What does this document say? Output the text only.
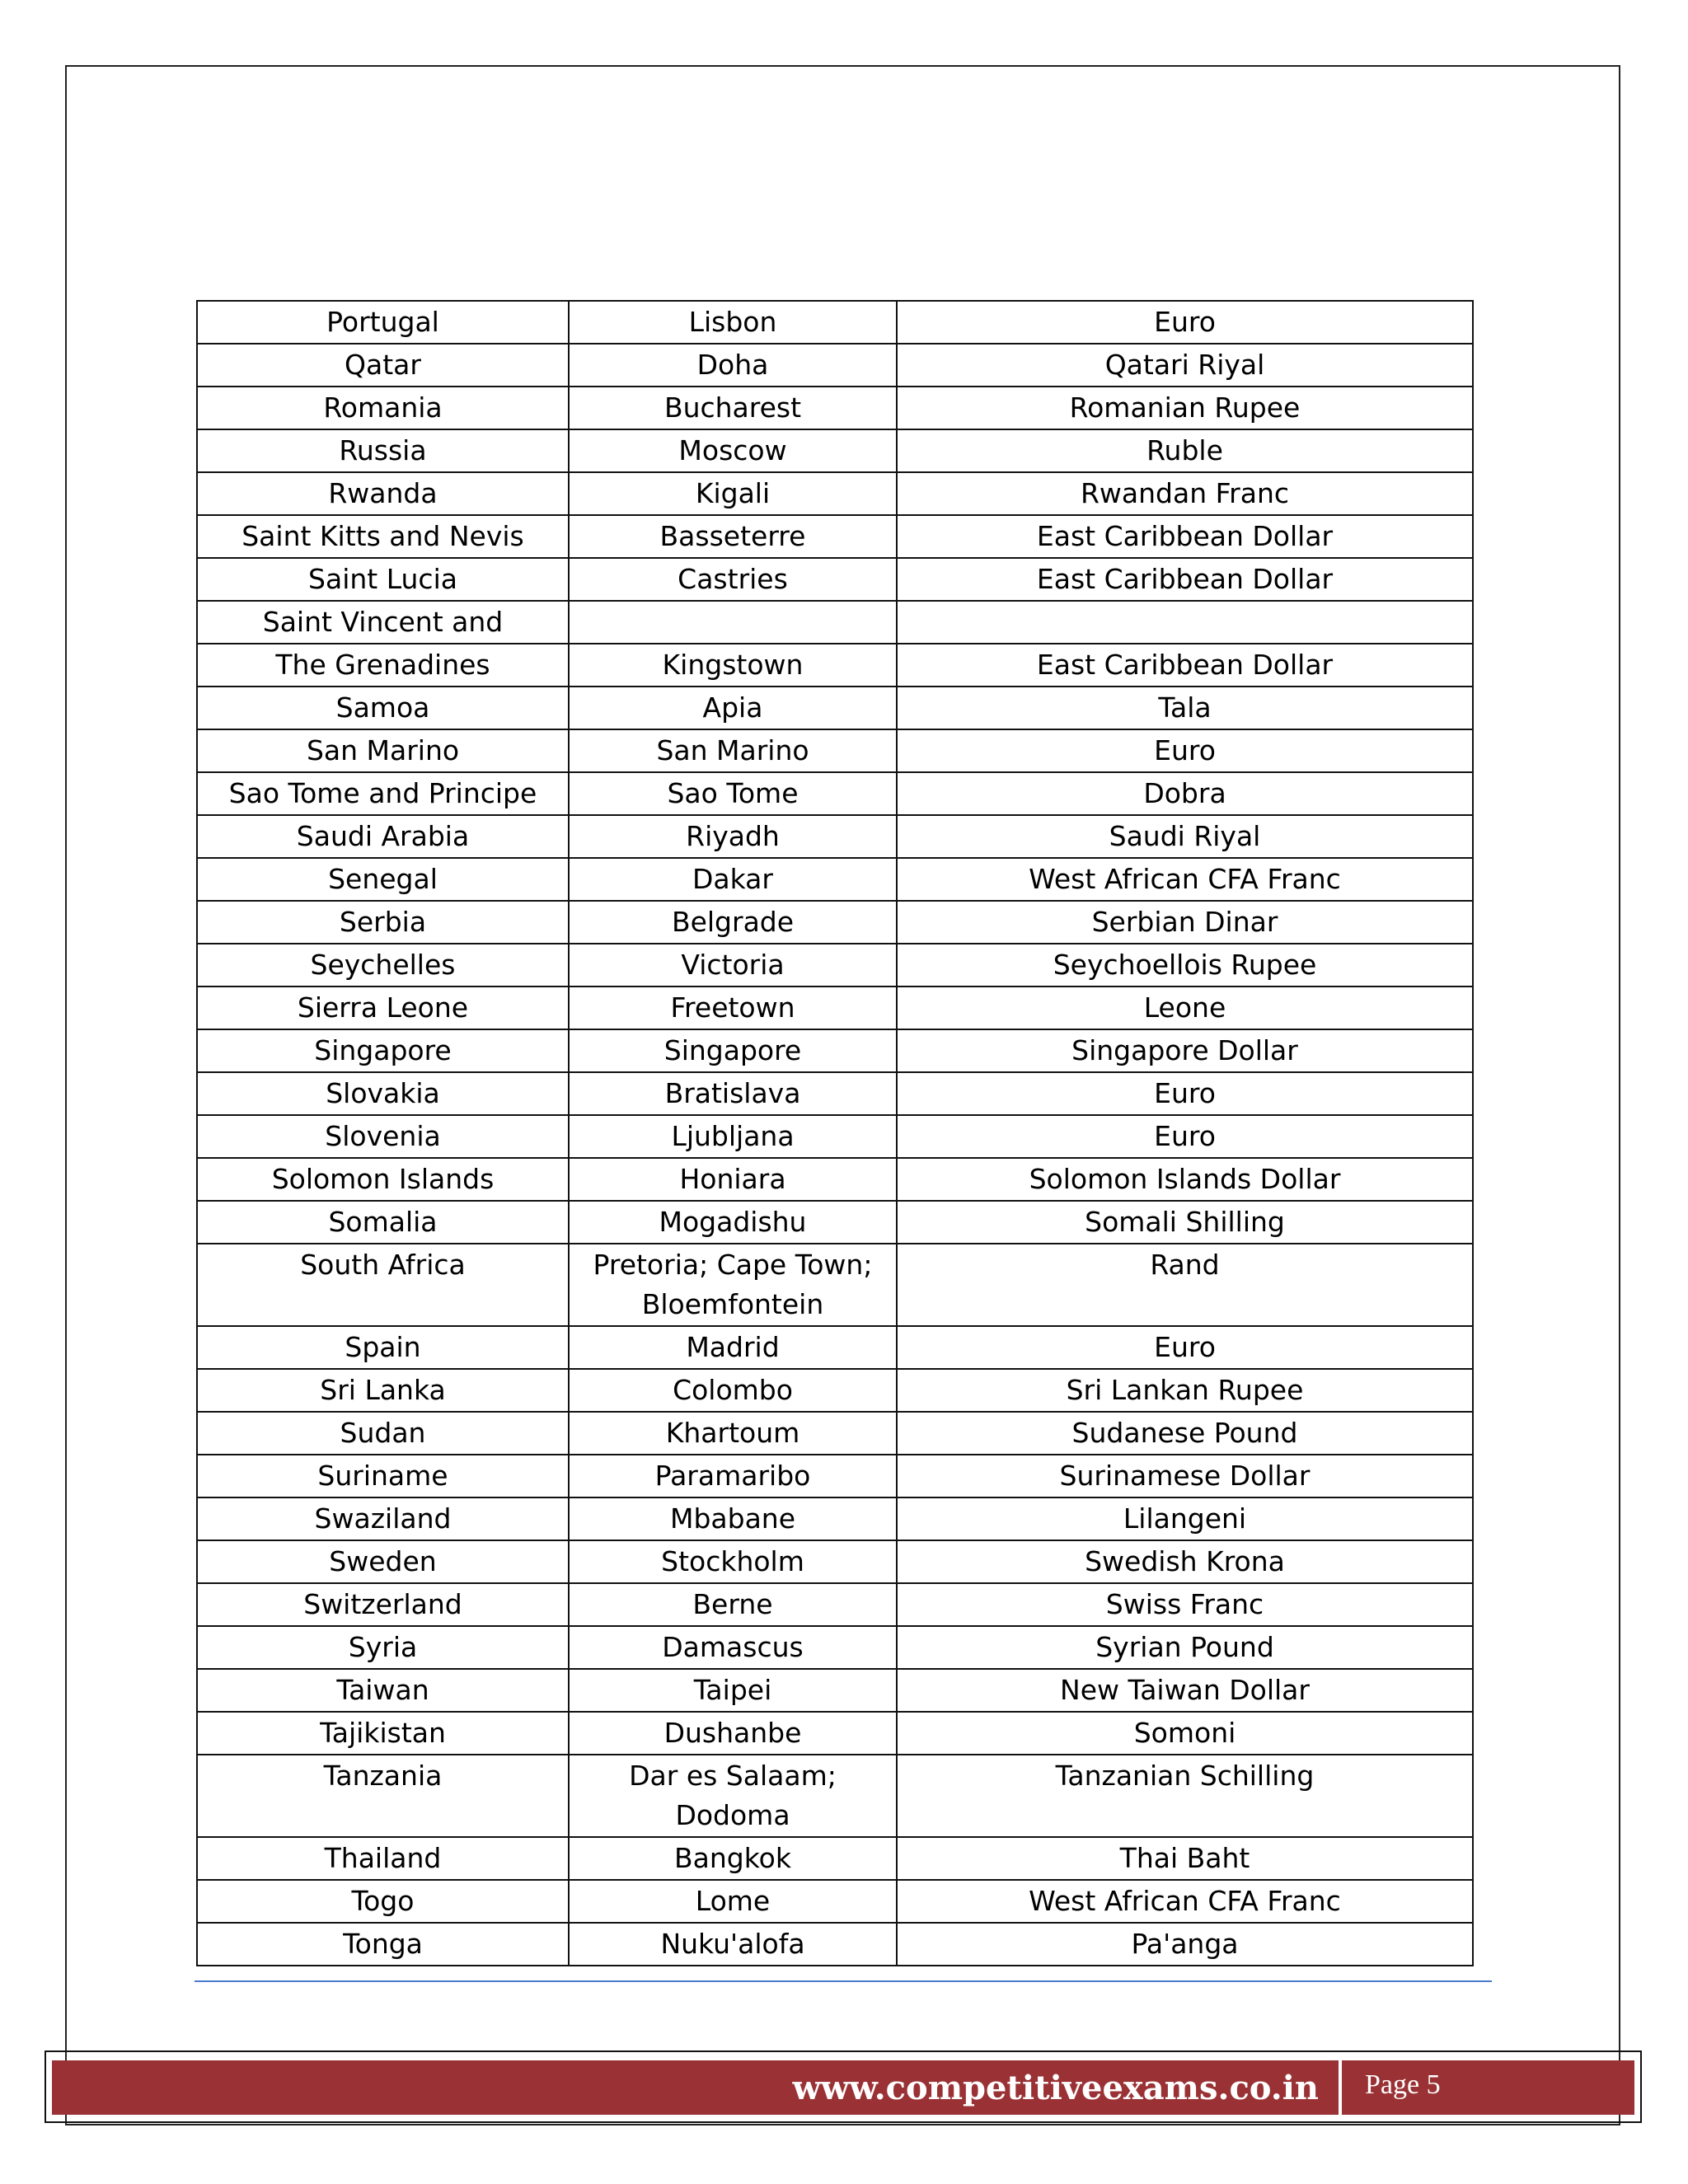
Portugal	Lisbon	Euro
Qatar	Doha	Qatari Riyal
Romania	Bucharest	Romanian Rupee
Russia	Moscow	Ruble
Rwanda	Kigali	Rwandan Franc
Saint Kitts and Nevis	Basseterre	East Caribbean Dollar
Saint Lucia	Castries	East Caribbean Dollar
Saint Vincent and		
The Grenadines	Kingstown	East Caribbean Dollar
Samoa	Apia	Tala
San Marino	San Marino	Euro
Sao Tome and Principe	Sao Tome	Dobra
Saudi Arabia	Riyadh	Saudi Riyal
Senegal	Dakar	West African CFA Franc
Serbia	Belgrade	Serbian Dinar
Seychelles	Victoria	Seychoellois Rupee
Sierra Leone	Freetown	Leone
Singapore	Singapore	Singapore Dollar
Slovakia	Bratislava	Euro
Slovenia	Ljubljana	Euro
Solomon Islands	Honiara	Solomon Islands Dollar
Somalia	Mogadishu	Somali Shilling
South Africa	Pretoria; Cape Town; Bloemfontein	Rand
Spain	Madrid	Euro
Sri Lanka	Colombo	Sri Lankan Rupee
Sudan	Khartoum	Sudanese Pound
Suriname	Paramaribo	Surinamese Dollar
Swaziland	Mbabane	Lilangeni
Sweden	Stockholm	Swedish Krona
Switzerland	Berne	Swiss Franc
Syria	Damascus	Syrian Pound
Taiwan	Taipei	New Taiwan Dollar
Tajikistan	Dushanbe	Somoni
Tanzania	Dar es Salaam; Dodoma	Tanzanian Schilling
Thailand	Bangkok	Thai Baht
Togo	Lome	West African CFA Franc
Tonga	Nuku'alofa	Pa'anga
www.competitiveexams.co.in Page 5
